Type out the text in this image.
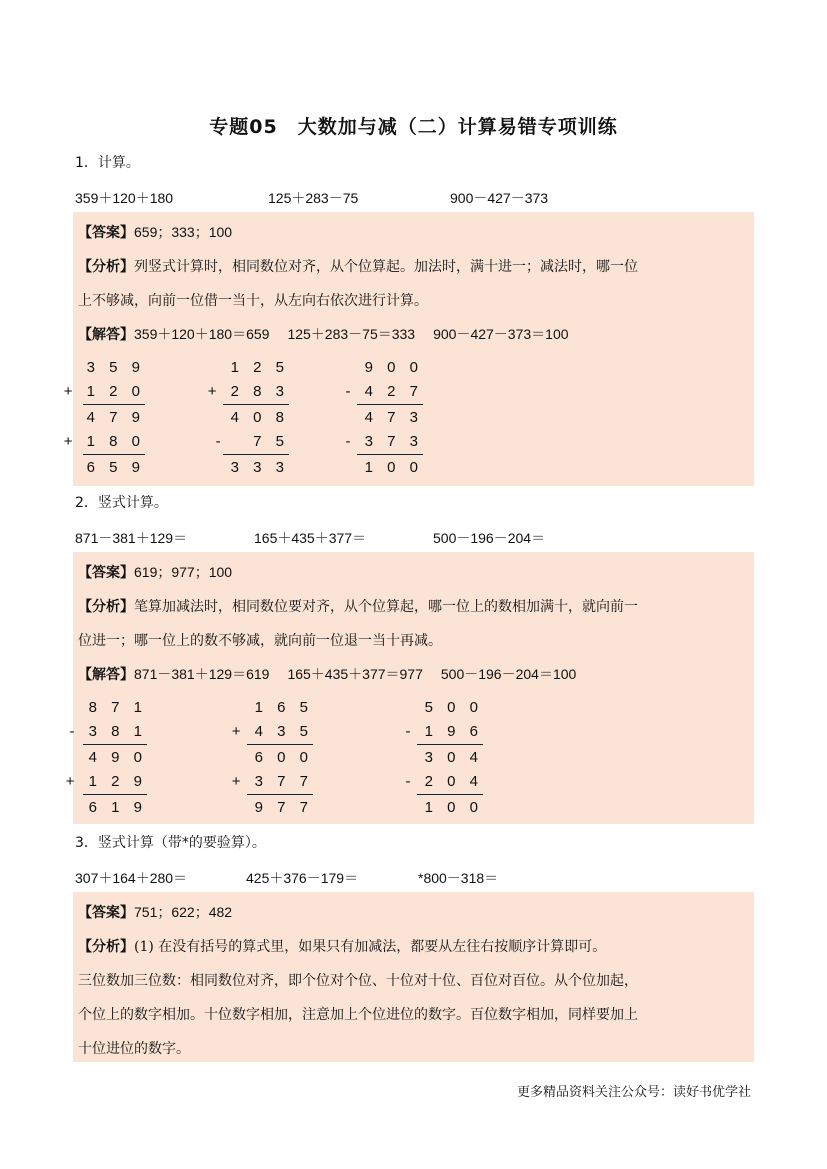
专题05　大数加与减（二）计算易错专项训练
1．计算。
359＋120＋180	125＋283－75	900－427－373
【答案】659；333；100
【分析】列竖式计算时，相同数位对齐，从个位算起。加法时，满十进一；减法时，哪一位
上不够减，向前一位借一当十，从左向右依次进行计算。
【解答】359＋120＋180＝659 125＋283－75＝333 900－427－373＝100
3 5 9
+ 1 2 0
4 7 9
+ 1 8 0
6 5 9
1 2 5
+ 2 8 3
4 0 8
-   7 5
3 3 3
9 0 0
- 4 2 7
4 7 3
- 3 7 3
1 0 0
2．竖式计算。
871－381＋129＝	165＋435＋377＝	500－196－204＝
【答案】619；977；100
【分析】笔算加减法时，相同数位要对齐，从个位算起，哪一位上的数相加满十，就向前一
位进一；哪一位上的数不够减，就向前一位退一当十再减。
【解答】871－381＋129＝619 165＋435＋377＝977 500－196－204＝100
8 7 1
- 3 8 1
4 9 0
+ 1 2 9
6 1 9
1 6 5
+ 4 3 5
6 0 0
+ 3 7 7
9 7 7
5 0 0
- 1 9 6
3 0 4
- 2 0 4
1 0 0
3．竖式计算（带*的要验算）。
307＋164＋280＝	425＋376－179＝	*800－318＝
【答案】751；622；482
【分析】(1) 在没有括号的算式里，如果只有加减法，都要从左往右按顺序计算即可。
三位数加三位数：相同数位对齐，即个位对个位、十位对十位、百位对百位。从个位加起，
个位上的数字相加。十位数字相加，注意加上个位进位的数字。百位数字相加，同样要加上
十位进位的数字。
更多精品资料关注公众号：读好书优学社
